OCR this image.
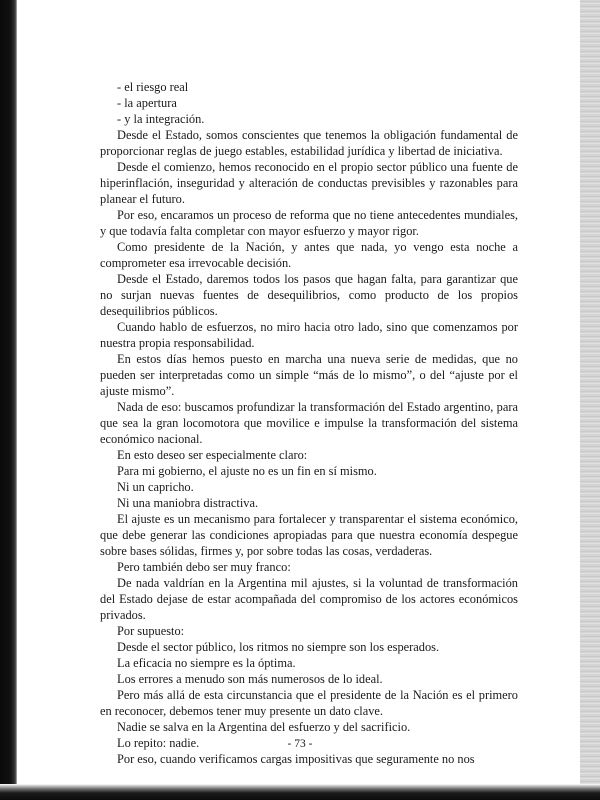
- el riesgo real

- la apertura

- y la integración.

Desde el Estado, somos conscientes que tenemos la obligación fundamental de proporcionar reglas de juego estables, estabilidad jurídica y libertad de iniciativa.

Desde el comienzo, hemos reconocido en el propio sector público una fuente de hiperinflación, inseguridad y alteración de conductas previsibles y razonables para planear el futuro.

Por eso, encaramos un proceso de reforma que no tiene antecedentes mundiales, y que todavía falta completar con mayor esfuerzo y mayor rigor.

Como presidente de la Nación, y antes que nada, yo vengo esta noche a comprometer esa irrevocable decisión.

Desde el Estado, daremos todos los pasos que hagan falta, para garantizar que no surjan nuevas fuentes de desequilibrios, como producto de los propios desequilibrios públicos.

Cuando hablo de esfuerzos, no miro hacia otro lado, sino que comenzamos por nuestra propia responsabilidad.

En estos días hemos puesto en marcha una nueva serie de medidas, que no pueden ser interpretadas como un simple “más de lo mismo”, o del “ajuste por el ajuste mismo”.

Nada de eso: buscamos profundizar la transformación del Estado argentino, para que sea la gran locomotora que movilice e impulse la transformación del sistema económico nacional.

En esto deseo ser especialmente claro:

Para mi gobierno, el ajuste no es un fin en sí mismo.

Ni un capricho.

Ni una maniobra distractiva.

El ajuste es un mecanismo para fortalecer y transparentar el sistema económico, que debe generar las condiciones apropiadas para que nuestra economía despegue sobre bases sólidas, firmes y, por sobre todas las cosas, verdaderas.

Pero también debo ser muy franco:

De nada valdrían en la Argentina mil ajustes, si la voluntad de transformación del Estado dejase de estar acompañada del compromiso de los actores económicos privados.

Por supuesto:

Desde el sector público, los ritmos no siempre son los esperados.

La eficacia no siempre es la óptima.

Los errores a menudo son más numerosos de lo ideal.

Pero más allá de esta circunstancia que el presidente de la Nación es el primero en reconocer, debemos tener muy presente un dato clave.

Nadie se salva en la Argentina del esfuerzo y del sacrificio.

Lo repito: nadie.

Por eso, cuando verificamos cargas impositivas que seguramente no nos

- 73 -
